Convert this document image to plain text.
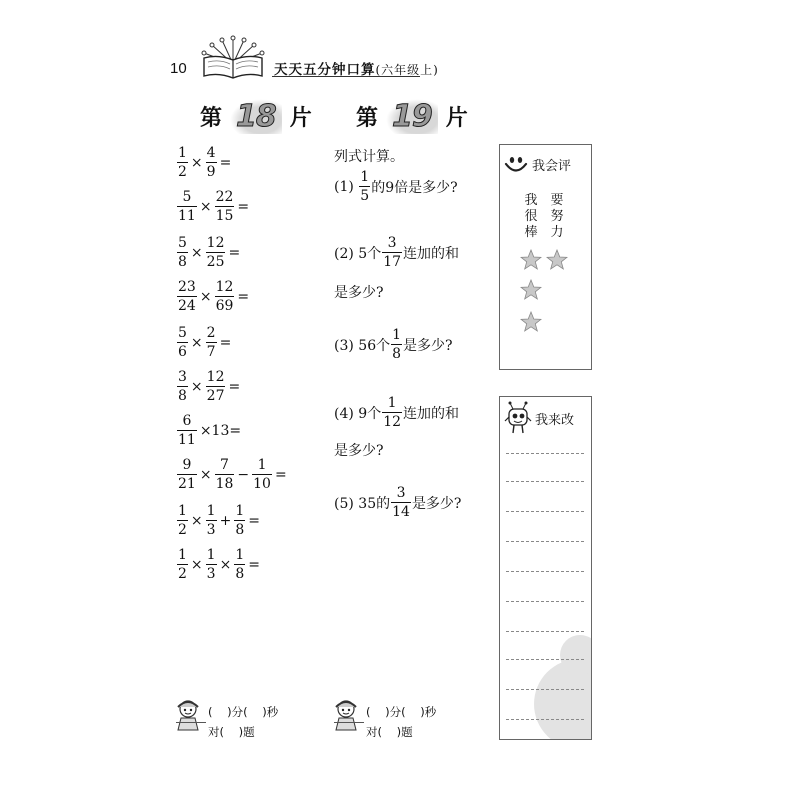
10	天天五分钟口算(六年级上)
第 18 片 第 19 片
$\frac{1}{2} \times \frac{4}{9}$ =
$\frac{5}{11} \times \frac{22}{15}$ =
$\frac{5}{8} \times \frac{12}{25}$ =
$\frac{23}{24} \times \frac{12}{69}$ =
$\frac{5}{6} \times \frac{2}{7}$ =
$\frac{3}{8} \times \frac{12}{27}$ =
$\frac{6}{11} \times 13=$
$\frac{9}{21} \times \frac{7}{18} - \frac{1}{10}$ =
$\frac{1}{2} \times \frac{1}{3} + \frac{1}{8}$ =
$\frac{1}{2} \times \frac{1}{3} \times \frac{1}{8}$ =
列式计算。
(1)
$\frac{1}{5}$ 的9倍是多少?
(2) 5个 $\frac{3}{17}$ 连加的和
是多少?
(3) 56个 $\frac{1}{8}$ 是多少?
(4) 9个 $\frac{1}{12}$ 连加的和
是多少?
(5) 35的 $\frac{3}{14}$ 是多少?
我会评
我
很
棒
要
努
力
我来改
(    )分(    )秒
对(    )题
(    )分(    )秒
对(    )题
